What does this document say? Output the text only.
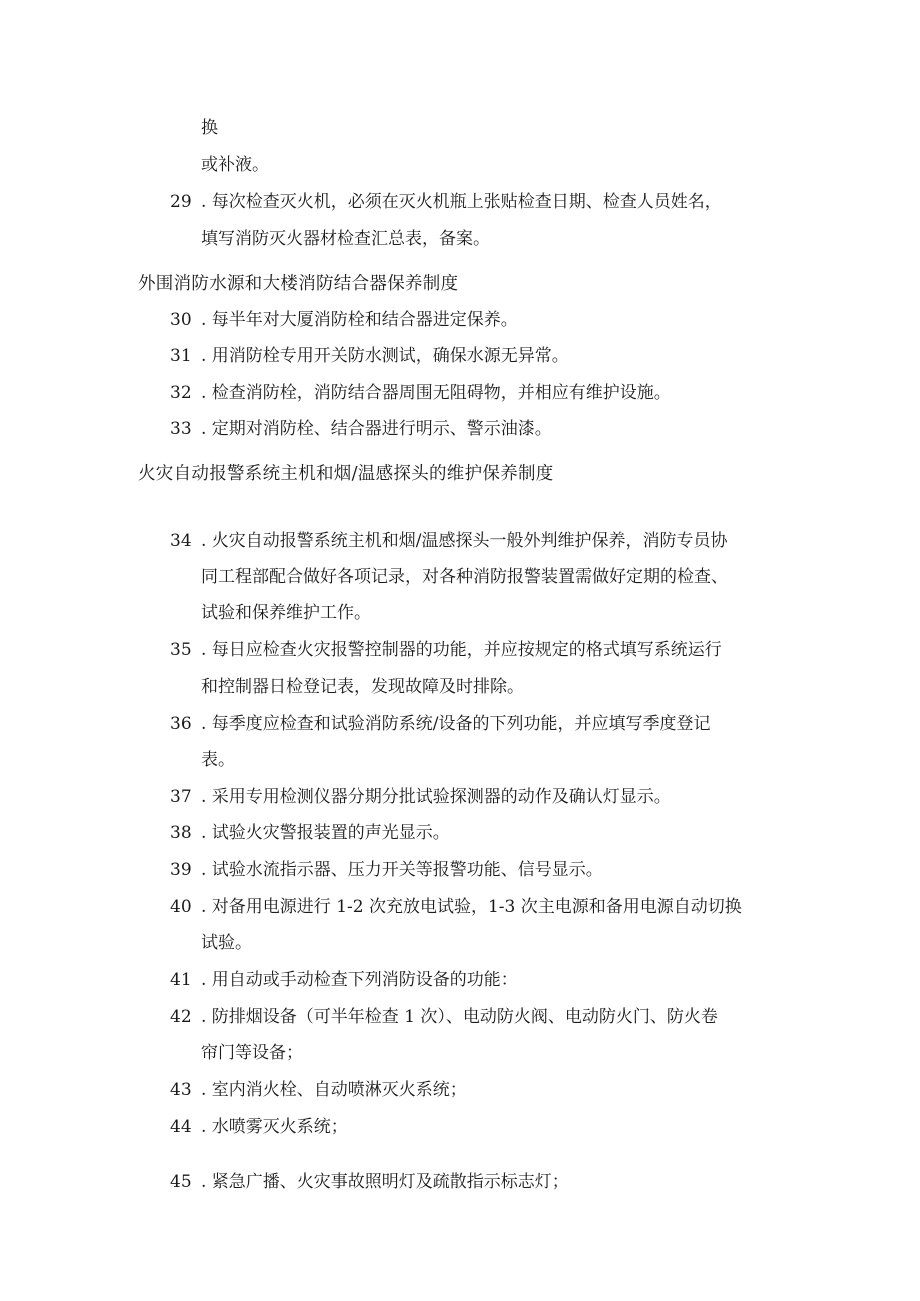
换
或补液。
29 . 每次检查灭火机，必须在灭火机瓶上张贴检查日期、检查人员姓名，
填写消防灭火器材检查汇总表，备案。
外围消防水源和大楼消防结合器保养制度
30 . 每半年对大厦消防栓和结合器进定保养。
31 . 用消防栓专用开关防水测试，确保水源无异常。
32 . 检查消防栓，消防结合器周围无阻碍物，并相应有维护设施。
33 . 定期对消防栓、结合器进行明示、警示油漆。
火灾自动报警系统主机和烟/温感探头的维护保养制度
34 . 火灾自动报警系统主机和烟/温感探头一般外判维护保养，消防专员协
同工程部配合做好各项记录，对各种消防报警装置需做好定期的检查、
试验和保养维护工作。
35 . 每日应检查火灾报警控制器的功能，并应按规定的格式填写系统运行
和控制器日检登记表，发现故障及时排除。
36 . 每季度应检查和试验消防系统/设备的下列功能，并应填写季度登记
表。
37 . 采用专用检测仪器分期分批试验探测器的动作及确认灯显示。
38 . 试验火灾警报装置的声光显示。
39 . 试验水流指示器、压力开关等报警功能、信号显示。
40 . 对备用电源进行 1-2 次充放电试验，1-3 次主电源和备用电源自动切换
试验。
41 . 用自动或手动检查下列消防设备的功能：
42 . 防排烟设备（可半年检查 1 次）、电动防火阀、电动防火门、防火卷
帘门等设备；
43 . 室内消火栓、自动喷淋灭火系统；
44 . 水喷雾灭火系统；
45 . 紧急广播、火灾事故照明灯及疏散指示标志灯；
